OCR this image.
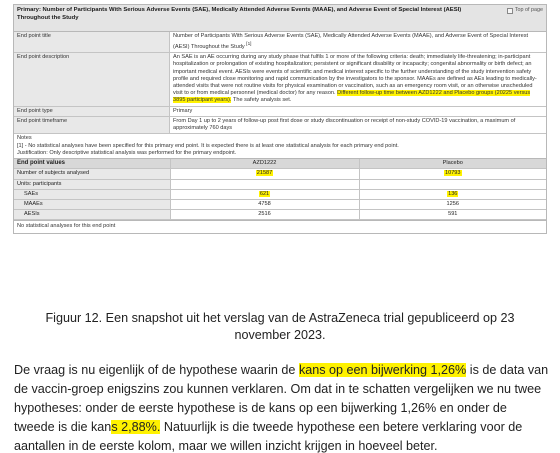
Primary: Number of Participants With Serious Adverse Events (SAE), Medically Attended Adverse Events (MAAE), and Adverse Event of Special Interest (AESI) Throughout the Study
Top of page
End point title	Number of Participants With Serious Adverse Events (SAE), Medically Attended Adverse Events (MAAE), and Adverse Event of Special Interest (AESI) Throughout the Study [1]
End point description	An SAE is an AE occurring during any study phase that fulfils 1 or more of the following criteria: death; immediately life-threatening; in-participant hospitalization or prolongation of existing hospitalization; persistent or significant disability or incapacity; congenital abnormality or birth defect; an important medical event. AESIs were events of scientific and medical interest specific to the further understanding of the study intervention safety profile and required close monitoring and rapid communication by the investigators to the sponsor. MAAEs are defined as AEs leading to medically-attended visits that were not routine visits for physical examination or vaccination, such as an emergency room visit, or an otherwise unscheduled visit to or from medical personnel (medical doctor) for any reason. Different follow-up time between AZD1222 and Placebo groups (20225 versus 3895 participant years). The safety analysis set.
End point type	Primary
End point timeframe	From Day 1 up to 2 years of follow-up post first dose or study discontinuation or receipt of non-study COVID-19 vaccination, a maximum of approximately 760 days
Notes
[1] - No statistical analyses have been specified for this primary end point. It is expected there is at least one statistical analysis for each primary end point.
Justification: Only descriptive statistical analysis was performed for the primary endpoint.
End point values	AZD1222	Placebo
Number of subjects analysed	21587	10793
Units: participants		
SAEs	621	136
MAAEs	4758	1256
AESIs	2516	591
No statistical analyses for this end point
Figuur 12. Een snapshot uit het verslag van de AstraZeneca trial gepubliceerd op 23
november 2023.

De vraag is nu eigenlijk of de hypothese waarin de kans op een bijwerking 1,26% is de data van de vaccin-groep enigszins zou kunnen verklaren. Om dat in te schatten vergelijken we nu twee hypotheses: onder de eerste hypothese is de kans op een bijwerking 1,26% en onder de tweede is die kans 2,88%. Natuurlijk is die tweede hypothese een betere verklaring voor de aantallen in de eerste kolom, maar we willen inzicht krijgen in hoeveel beter.
